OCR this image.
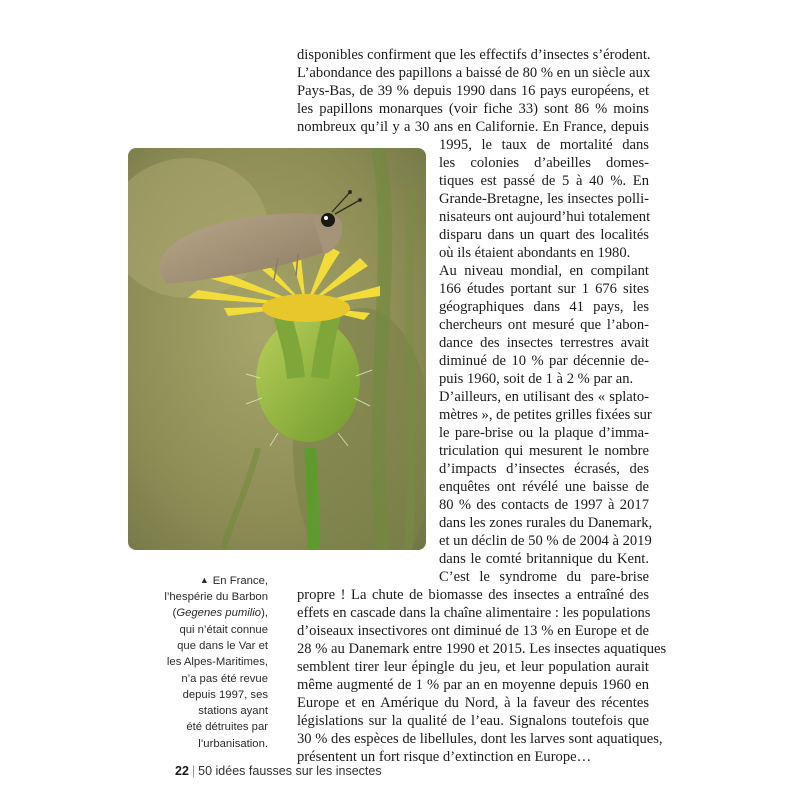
disponibles confirment que les effectifs d’insectes s’érodent.
L’abondance des papillons a baissé de 80 % en un siècle aux
Pays-Bas, de 39 % depuis 1990 dans 16 pays européens, et
les papillons monarques (voir fiche 33) sont 86 % moins
nombreux qu’il y a 30 ans en Californie. En France, depuis
1995, le taux de mortalité dans
les colonies d’abeilles domes-
tiques est passé de 5 à 40 %. En
Grande-Bretagne, les insectes polli-
nisateurs ont aujourd’hui totalement
disparu dans un quart des localités
où ils étaient abondants en 1980.
Au niveau mondial, en compilant
166 études portant sur 1 676 sites
géographiques dans 41 pays, les
chercheurs ont mesuré que l’abon-
dance des insectes terrestres avait
diminué de 10 % par décennie de-
puis 1960, soit de 1 à 2 % par an.
D’ailleurs, en utilisant des « splato-
mètres », de petites grilles fixées sur
le pare-brise ou la plaque d’imma-
triculation qui mesurent le nombre
d’impacts d’insectes écrasés, des
enquêtes ont révélé une baisse de
80 % des contacts de 1997 à 2017
dans les zones rurales du Danemark,
et un déclin de 50 % de 2004 à 2019
dans le comté britannique du Kent.
C’est le syndrome du pare-brise
propre ! La chute de biomasse des insectes a entraîné des
effets en cascade dans la chaîne alimentaire : les populations
d’oiseaux insectivores ont diminué de 13 % en Europe et de
28 % au Danemark entre 1990 et 2015. Les insectes aquatiques
semblent tirer leur épingle du jeu, et leur population aurait
même augmenté de 1 % par an en moyenne depuis 1960 en
Europe et en Amérique du Nord, à la faveur des récentes
législations sur la qualité de l’eau. Signalons toutefois que
30 % des espèces de libellules, dont les larves sont aquatiques,
présentent un fort risque d’extinction en Europe…
▲ En France,
l’hespérie du Barbon
(Gegenes pumilio),
qui n’était connue
que dans le Var et
les Alpes-Maritimes,
n’a pas été revue
depuis 1997, ses
stations ayant
été détruites par
l’urbanisation.
22 | 50 idées fausses sur les insectes
